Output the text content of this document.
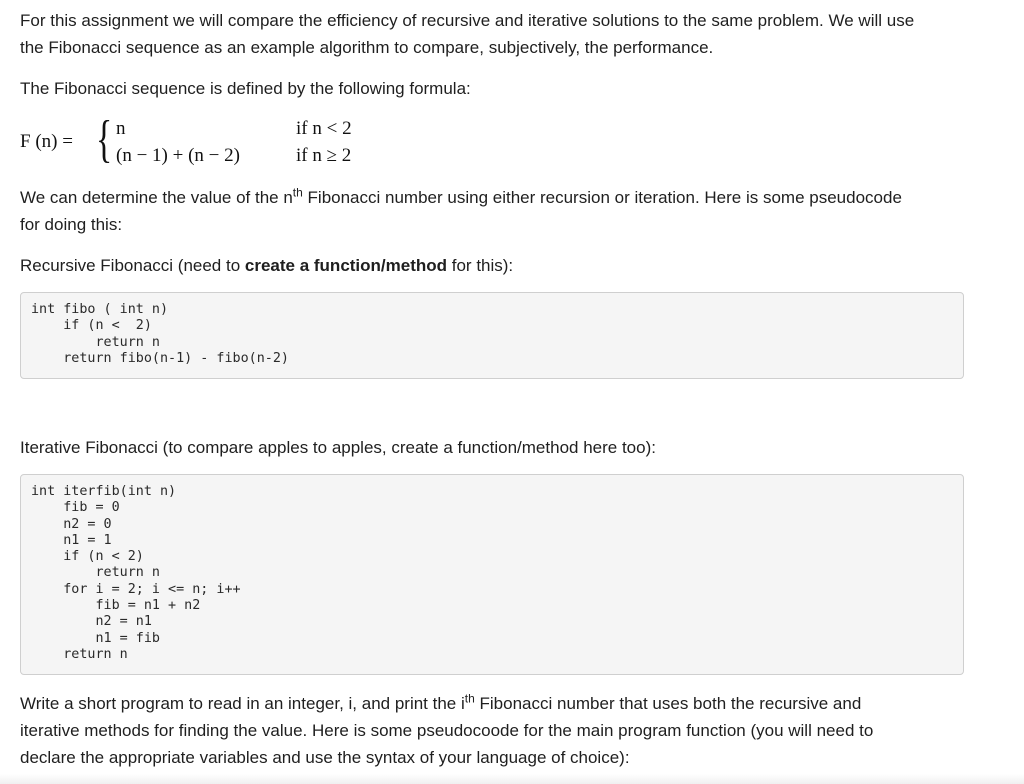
For this assignment we will compare the efficiency of recursive and iterative solutions to the same problem. We will use
the Fibonacci sequence as an example algorithm to compare, subjectively, the performance.

The Fibonacci sequence is defined by the following formula:

F (n) = { n	if n < 2
(n − 1) + (n − 2)	if n ≥ 2

We can determine the value of the $n^{th}$ Fibonacci number using either recursion or iteration. Here is some pseudocode
for doing this:

Recursive Fibonacci (need to create a function/method for this):

int fibo ( int n)
if (n <  2)
return n
return fibo(n-1) - fibo(n-2)

Iterative Fibonacci (to compare apples to apples, create a function/method here too):

int iterfib(int n)
fib = 0
n2 = 0
n1 = 1
if (n < 2)
return n
for i = 2; i <= n; i++
fib = n1 + n2
n2 = n1
n1 = fib
return n

Write a short program to read in an integer, i, and print the $i^{th}$ Fibonacci number that uses both the recursive and
iterative methods for finding the value. Here is some pseudocoode for the main program function (you will need to
declare the appropriate variables and use the syntax of your language of choice):
